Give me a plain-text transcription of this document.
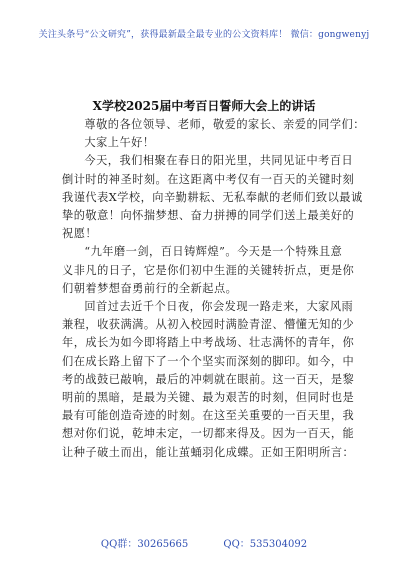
关注头条号“公文研究”，获得最新最全最专业的公文资料库！ 微信：gongwenyj
X学校2025届中考百日誓师大会上的讲话

尊敬的各位领导、老师，敬爱的家长、亲爱的同学们：

大家上午好！

今天，我们相聚在春日的阳光里，共同见证中考百日
倒计时的神圣时刻。在这距离中考仅有一百天的关键时刻
我谨代表X学校，向辛勤耕耘、无私奉献的老师们致以最诚
挚的敬意！向怀揣梦想、奋力拼搏的同学们送上最美好的
祝愿！

“九年磨一剑，百日铸辉煌”。今天是一个特殊且意
义非凡的日子，它是你们初中生涯的关键转折点，更是你
们朝着梦想奋勇前行的全新起点。

回首过去近千个日夜，你会发现一路走来，大家风雨
兼程，收获满满。从初入校园时满脸青涩、懵懂无知的少
年，成长为如今即将踏上中考战场、壮志满怀的青年，你
们在成长路上留下了一个个坚实而深刻的脚印。如今，中
考的战鼓已敲响，最后的冲刺就在眼前。这一百天，是黎
明前的黑暗，是最为关键、最为艰苦的时刻，但同时也是
最有可能创造奇迹的时刻。在这至关重要的一百天里，我
想对你们说，乾坤未定，一切都来得及。因为一百天，能
让种子破土而出，能让茧蛹羽化成蝶。正如王阳明所言：

QQ群：30265665	QQ：535304092
